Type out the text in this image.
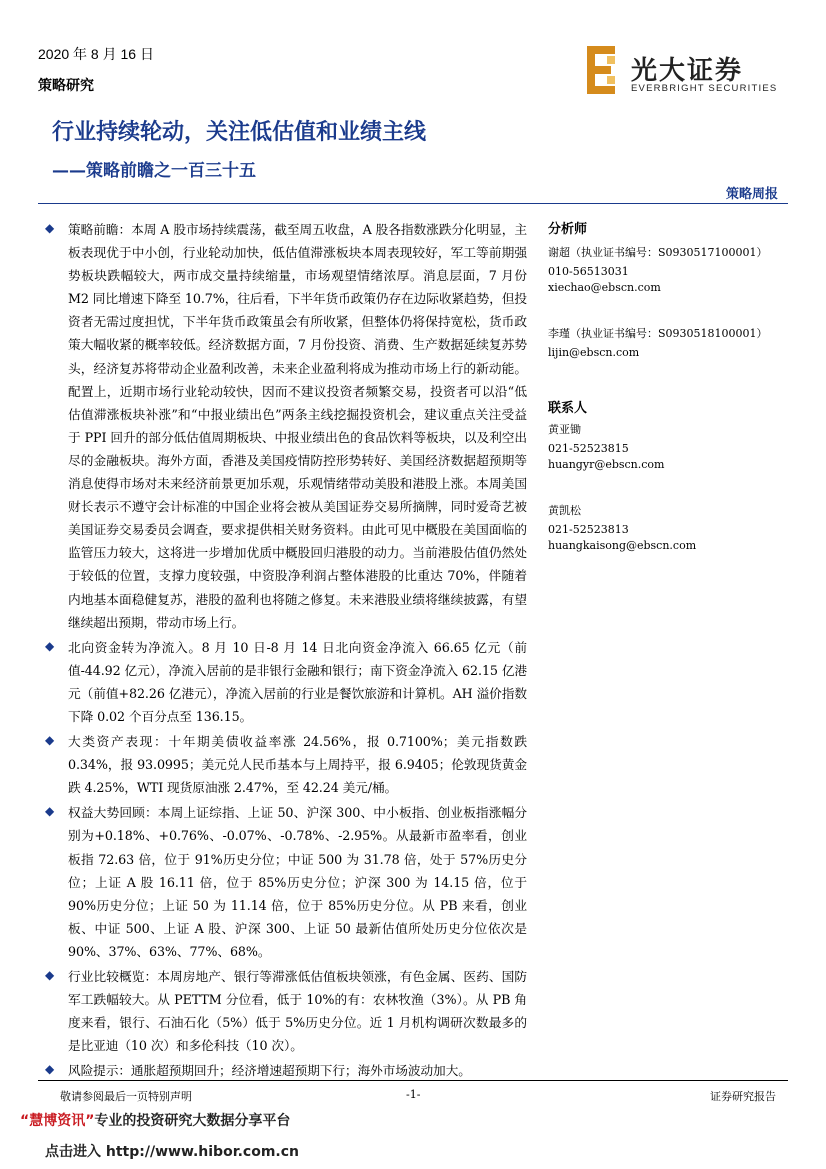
2020 年 8 月 16 日
策略研究	光大证券
EVERBRIGHT SECURITIES
行业持续轮动，关注低估值和业绩主线
——策略前瞻之一百三十五
策略周报
◆ 策略前瞻：本周 A 股市场持续震荡，截至周五收盘，A 股各指数涨跌分化明显，主板表现优于中小创，行业轮动加快，低估值滞涨板块本周表现较好，军工等前期强势板块跌幅较大，两市成交量持续缩量，市场观望情绪浓厚。消息层面，7 月份 M2 同比增速下降至 10.7%，往后看，下半年货币政策仍存在边际收紧趋势，但投资者无需过度担忧，下半年货币政策虽会有所收紧，但整体仍将保持宽松，货币政策大幅收紧的概率较低。经济数据方面，7 月份投资、消费、生产数据延续复苏势头，经济复苏将带动企业盈利改善，未来企业盈利将成为推动市场上行的新动能。配置上，近期市场行业轮动较快，因而不建议投资者频繁交易，投资者可以沿“低估值滞涨板块补涨”和“中报业绩出色”两条主线挖掘投资机会，建议重点关注受益于 PPI 回升的部分低估值周期板块、中报业绩出色的食品饮料等板块，以及利空出尽的金融板块。海外方面，香港及美国疫情防控形势转好、美国经济数据超预期等消息使得市场对未来经济前景更加乐观，乐观情绪带动美股和港股上涨。本周美国财长表示不遵守会计标准的中国企业将会被从美国证券交易所摘牌，同时爱奇艺被美国证券交易委员会调查，要求提供相关财务资料。由此可见中概股在美国面临的监管压力较大，这将进一步增加优质中概股回归港股的动力。当前港股估值仍然处于较低的位置，支撑力度较强，中资股净利润占整体港股的比重达 70%，伴随着内地基本面稳健复苏，港股的盈利也将随之修复。未来港股业绩将继续披露，有望继续超出预期，带动市场上行。
◆ 北向资金转为净流入。8 月 10 日-8 月 14 日北向资金净流入 66.65 亿元（前值-44.92 亿元），净流入居前的是非银行金融和银行；南下资金净流入 62.15 亿港元（前值+82.26 亿港元），净流入居前的行业是餐饮旅游和计算机。AH 溢价指数下降 0.02 个百分点至 136.15。
◆ 大类资产表现：十年期美债收益率涨 24.56%，报 0.7100%；美元指数跌 0.34%，报 93.0995；美元兑人民币基本与上周持平，报 6.9405；伦敦现货黄金跌 4.25%，WTI 现货原油涨 2.47%，至 42.24 美元/桶。
◆ 权益大势回顾：本周上证综指、上证 50、沪深 300、中小板指、创业板指涨幅分别为+0.18%、+0.76%、-0.07%、-0.78%、-2.95%。从最新市盈率看，创业板指 72.63 倍，位于 91%历史分位；中证 500 为 31.78 倍，处于 57%历史分位；上证 A 股 16.11 倍，位于 85%历史分位；沪深 300 为 14.15 倍，位于 90%历史分位；上证 50 为 11.14 倍，位于 85%历史分位。从 PB 来看，创业板、中证 500、上证 A 股、沪深 300、上证 50 最新估值所处历史分位依次是 90%、37%、63%、77%、68%。
◆ 行业比较概览：本周房地产、银行等滞涨低估值板块领涨，有色金属、医药、国防军工跌幅较大。从 PETTM 分位看，低于 10%的有：农林牧渔（3%）。从 PB 角度来看，银行、石油石化（5%）低于 5%历史分位。近 1 月机构调研次数最多的是比亚迪（10 次）和多伦科技（10 次）。
◆ 风险提示：通胀超预期回升；经济增速超预期下行；海外市场波动加大。

分析师

谢超（执业证书编号：S0930517100001）
010-56513031
xiechao@ebscn.com
李瑾（执业证书编号：S0930518100001）
lijin@ebscn.com

联系人

黄亚锄
021-52523815
huangyr@ebscn.com
黄凯松
021-52523813
huangkaisong@ebscn.com
敬请参阅最后一页特别声明	-1-	证券研究报告
“慧博资讯”专业的投资研究大数据分享平台
点击进入 http://www.hibor.com.cn
